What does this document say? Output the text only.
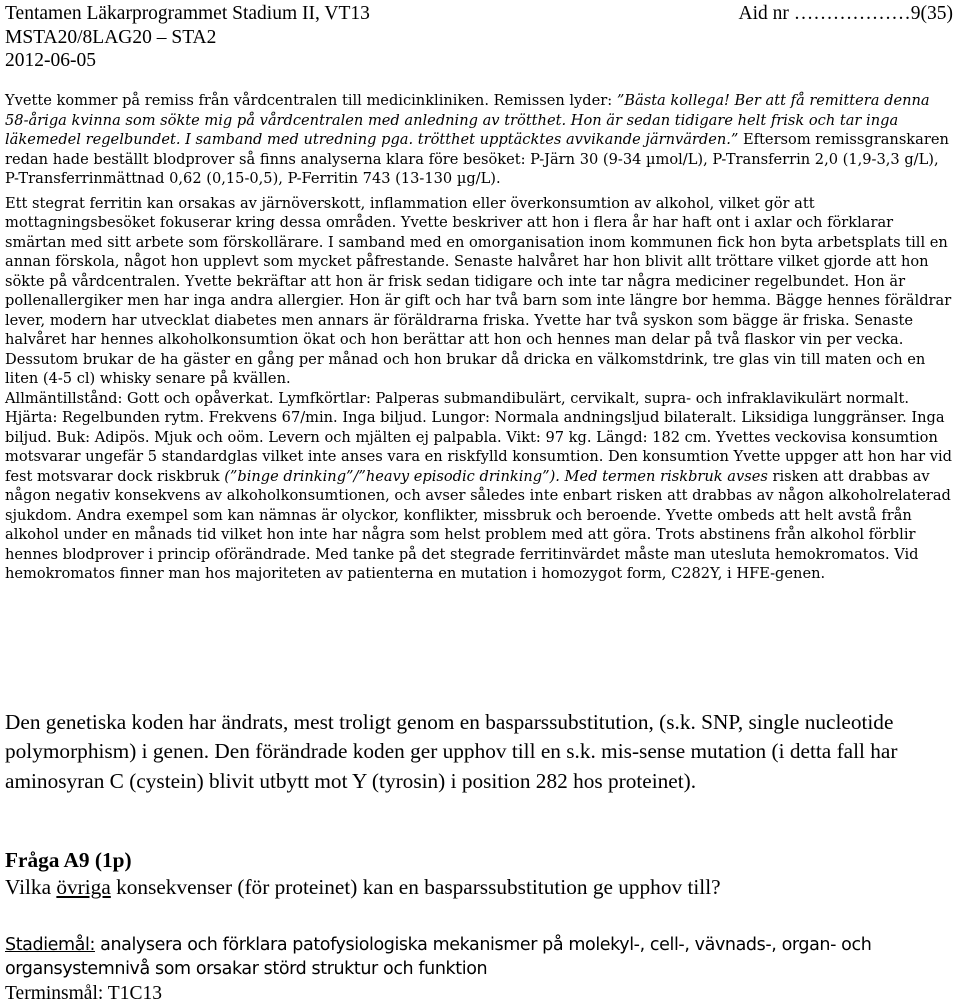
Tentamen Läkarprogrammet Stadium II, VT13	Aid nr ………………9(35)
MSTA20/8LAG20 – STA2
2012-06-05

Yvette kommer på remiss från vårdcentralen till medicinkliniken. Remissen lyder: ”Bästa kollega! Ber att få remittera denna 58-åriga kvinna som sökte mig på vårdcentralen med anledning av trötthet. Hon är sedan tidigare helt frisk och tar inga läkemedel regelbundet. I samband med utredning pga. trötthet upptäcktes avvikande järnvärden.” Eftersom remissgranskaren redan hade beställt blodprover så finns analyserna klara före besöket: P-Järn 30 (9-34 µmol/L), P-Transferrin 2,0 (1,9-3,3 g/L), P-Transferrinmättnad 0,62 (0,15-0,5), P-Ferritin 743 (13-130 µg/L).

Ett stegrat ferritin kan orsakas av järnöverskott, inflammation eller överkonsumtion av alkohol, vilket gör att mottagningsbesöket fokuserar kring dessa områden. Yvette beskriver att hon i flera år har haft ont i axlar och förklarar smärtan med sitt arbete som förskollärare. I samband med en omorganisation inom kommunen fick hon byta arbetsplats till en annan förskola, något hon upplevt som mycket påfrestande. Senaste halvåret har hon blivit allt tröttare vilket gjorde att hon sökte på vårdcentralen. Yvette bekräftar att hon är frisk sedan tidigare och inte tar några mediciner regelbundet. Hon är pollenallergiker men har inga andra allergier. Hon är gift och har två barn som inte längre bor hemma. Bägge hennes föräldrar lever, modern har utvecklat diabetes men annars är föräldrarna friska. Yvette har två syskon som bägge är friska. Senaste halvåret har hennes alkoholkonsumtion ökat och hon berättar att hon och hennes man delar på två flaskor vin per vecka. Dessutom brukar de ha gäster en gång per månad och hon brukar då dricka en välkomstdrink, tre glas vin till maten och en liten (4-5 cl) whisky senare på kvällen.

Allmäntillstånd: Gott och opåverkat. Lymfkörtlar: Palperas submandibulärt, cervikalt, supra- och infraklavikulärt normalt. Hjärta: Regelbunden rytm. Frekvens 67/min. Inga biljud. Lungor: Normala andningsljud bilateralt. Liksidiga lunggränser. Inga biljud. Buk: Adipös. Mjuk och oöm. Levern och mjälten ej palpabla. Vikt: 97 kg. Längd: 182 cm. Yvettes veckovisa konsumtion motsvarar ungefär 5 standardglas vilket inte anses vara en riskfylld konsumtion. Den konsumtion Yvette uppger att hon har vid fest motsvarar dock riskbruk (”binge drinking”/”heavy episodic drinking”). Med termen riskbruk avses risken att drabbas av någon negativ konsekvens av alkoholkonsumtionen, och avser således inte enbart risken att drabbas av någon alkoholrelaterad sjukdom. Andra exempel som kan nämnas är olyckor, konflikter, missbruk och beroende. Yvette ombeds att helt avstå från alkohol under en månads tid vilket hon inte har några som helst problem med att göra. Trots abstinens från alkohol förblir hennes blodprover i princip oförändrade. Med tanke på det stegrade ferritinvärdet måste man utesluta hemokromatos. Vid hemokromatos finner man hos majoriteten av patienterna en mutation i homozygot form, C282Y, i HFE-genen.

Den genetiska koden har ändrats, mest troligt genom en basparssubstitution, (s.k. SNP, single nucleotide polymorphism) i genen. Den förändrade koden ger upphov till en s.k. mis-sense mutation (i detta fall har aminosyran C (cystein) blivit utbytt mot Y (tyrosin) i position 282 hos proteinet).

Fråga A9 (1p)

Vilka övriga konsekvenser (för proteinet) kan en basparssubstitution ge upphov till?

Stadiemål: analysera och förklara patofysiologiska mekanismer på molekyl-, cell-, vävnads-, organ- och organsystemnivå som orsakar störd struktur och funktion

Terminsmål: T1C13
